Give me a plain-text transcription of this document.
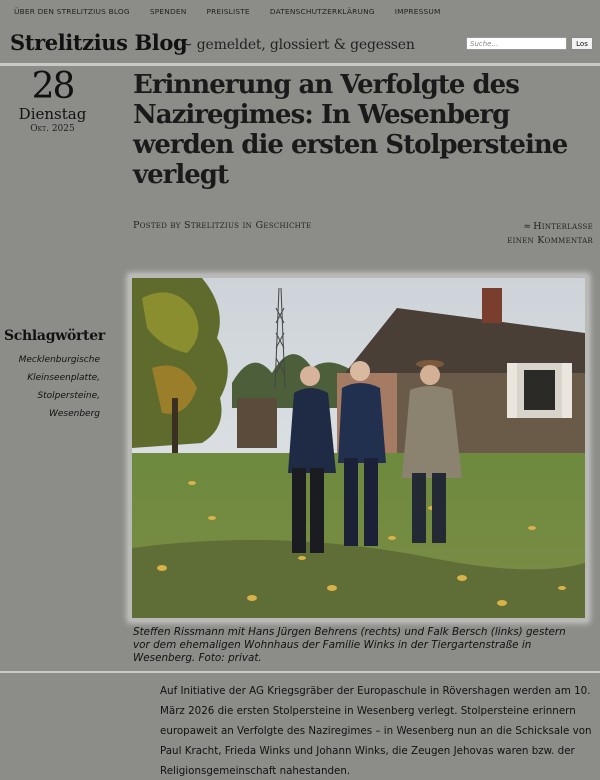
ÜBER DEN STRELITZIUS BLOG	SPENDEN	PREISLISTE	DATENSCHUTZERKLÄRUNG	IMPRESSUM
Strelitzius Blog
~ gemeldet, glossiert & gegessen
Suche…	Los
28
Dienstag
Okt. 2025
Erinnerung an Verfolgte des Naziregimes: In Wesenberg werden die ersten Stolpersteine verlegt
Posted by Strelitzius in Geschichte	≈ Hinterlasse
einen Kommentar
Schlagwörter
Mecklenburgische
Kleinseenplatte,
Stolpersteine,
Wesenberg
Steffen Rissmann mit Hans Jürgen Behrens (rechts) und Falk Bersch (links) gestern vor dem ehemaligen Wohnhaus der Familie Winks in der Tiergartenstraße in Wesenberg. Foto: privat.
Auf Initiative der AG Kriegsgräber der Europaschule in Rövershagen werden am 10. März 2026 die ersten Stolpersteine in Wesenberg verlegt. Stolpersteine erinnern europaweit an Verfolgte des Naziregimes – in Wesenberg nun an die Schicksale von Paul Kracht, Frieda Winks und Johann Winks, die Zeugen Jehovas waren bzw. der Religionsgemeinschaft nahestanden.
